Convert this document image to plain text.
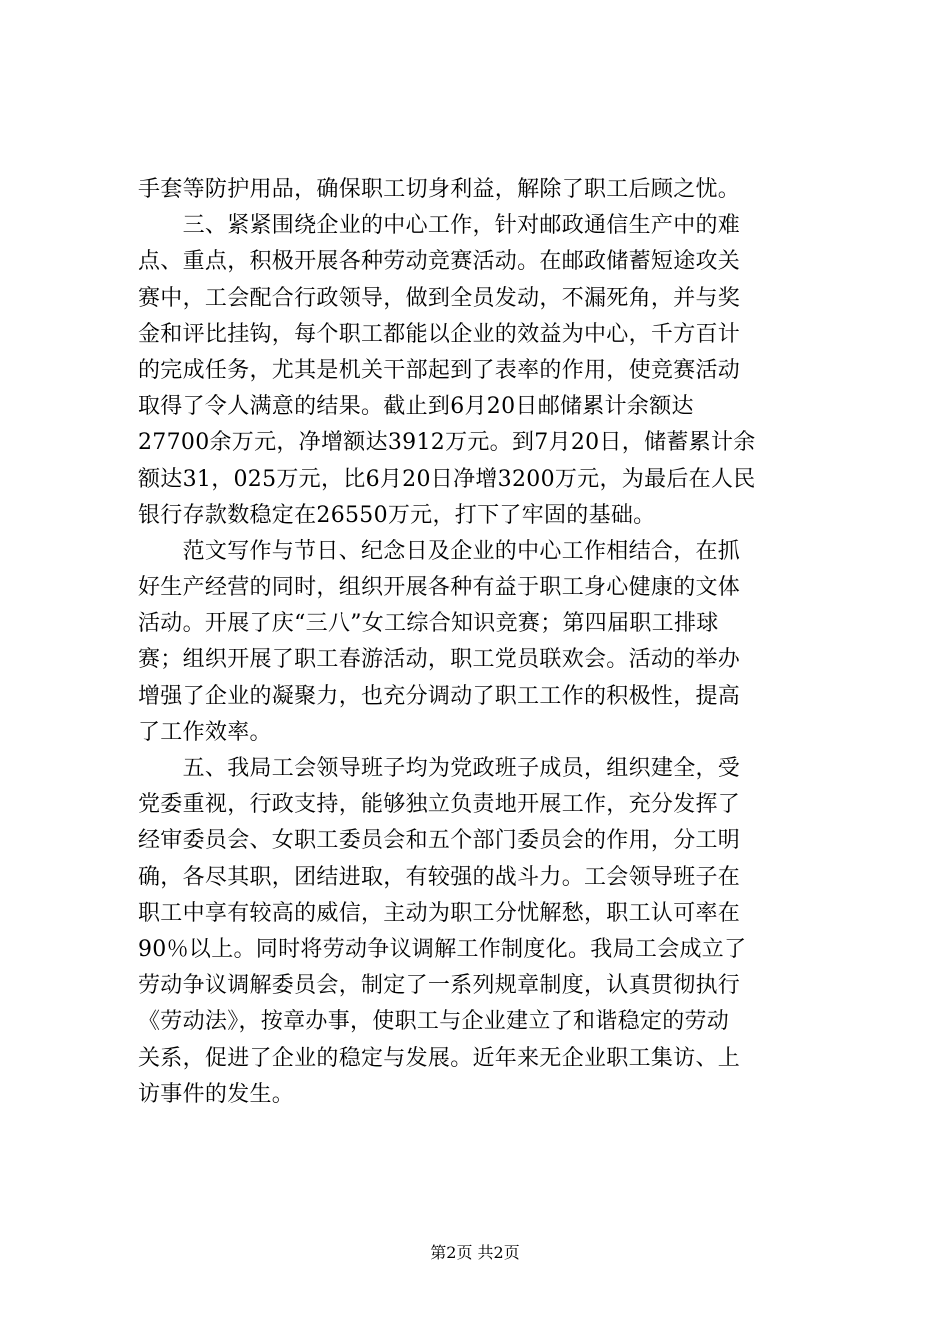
手套等防护用品，确保职工切身利益，解除了职工后顾之忧。
　　三、紧紧围绕企业的中心工作，针对邮政通信生产中的难
点、重点，积极开展各种劳动竞赛活动。在邮政储蓄短途攻关
赛中，工会配合行政领导，做到全员发动，不漏死角，并与奖
金和评比挂钩，每个职工都能以企业的效益为中心，千方百计
的完成任务，尤其是机关干部起到了表率的作用，使竞赛活动
取得了令人满意的结果。截止到6月20日邮储累计余额达
27700余万元，净增额达3912万元。到7月20日，储蓄累计余
额达31，025万元，比6月20日净增3200万元，为最后在人民
银行存款数稳定在26550万元，打下了牢固的基础。
　　范文写作与节日、纪念日及企业的中心工作相结合，在抓
好生产经营的同时，组织开展各种有益于职工身心健康的文体
活动。开展了庆“三八”女工综合知识竞赛；第四届职工排球
赛；组织开展了职工春游活动，职工党员联欢会。活动的举办
增强了企业的凝聚力，也充分调动了职工工作的积极性，提高
了工作效率。
　　五、我局工会领导班子均为党政班子成员，组织建全，受
党委重视，行政支持，能够独立负责地开展工作，充分发挥了
经审委员会、女职工委员会和五个部门委员会的作用，分工明
确，各尽其职，团结进取，有较强的战斗力。工会领导班子在
职工中享有较高的威信，主动为职工分忧解愁，职工认可率在
90％以上。同时将劳动争议调解工作制度化。我局工会成立了
劳动争议调解委员会，制定了一系列规章制度，认真贯彻执行
《劳动法》，按章办事，使职工与企业建立了和谐稳定的劳动
关系，促进了企业的稳定与发展。近年来无企业职工集访、上
访事件的发生。
第2页 共2页
